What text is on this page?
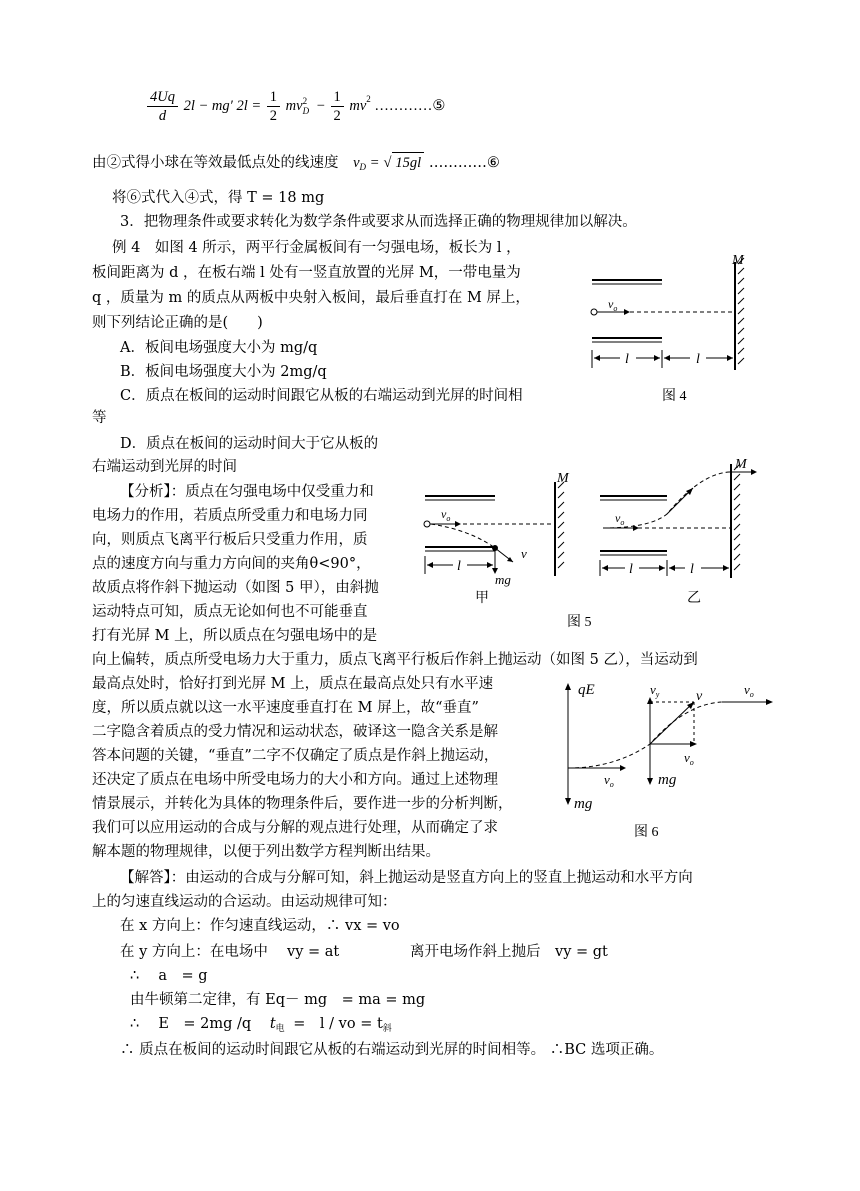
$\frac{4Uq}{d} 2l - mg'$ $2l = \frac{1}{2}$ mv 2
$_D - \frac{1}{2} mv^2$ …………⑤
由②式得小球在等效最低点处的线速度 $v_D$ = √ 15gl …………⑥
将⑥式代入④式，得 T = 18 mg
3．把物理条件或要求转化为数学条件或要求从而选择正确的物理规律加以解决。
例 4　如图 4 所示，两平行金属板间有一匀强电场，板长为 l ，
板间距离为 d ，在板右端 l 处有一竖直放置的光屏 M，一带电量为
q ，质量为 m 的质点从两板中央射入板间，最后垂直打在 M 屏上，
则下列结论正确的是(　　)
A．板间电场强度大小为 mg/q
B．板间电场强度大小为 2mg/q
C．质点在板间的运动时间跟它从板的右端运动到光屏的时间相
等
D．质点在板间的运动时间大于它从板的
右端运动到光屏的时间
【分析】：质点在匀强电场中仅受重力和
电场力的作用，若质点所受重力和电场力同
向，则质点飞离平行板后只受重力作用，质
点的速度方向与重力方向间的夹角θ<90°，
故质点将作斜下抛运动（如图 5 甲），由斜抛
运动特点可知，质点无论如何也不可能垂直
打有光屏 M 上，所以质点在匀强电场中的是
向上偏转，质点所受电场力大于重力，质点飞离平行板后作斜上抛运动（如图 5 乙），当运动到
最高点处时，恰好打到光屏 M 上，质点在最高点处只有水平速
度，所以质点就以这一水平速度垂直打在 M 屏上，故“垂直”
二字隐含着质点的受力情况和运动状态，破译这一隐含关系是解
答本问题的关键，“垂直”二字不仅确定了质点是作斜上抛运动，
还决定了质点在电场中所受电场力的大小和方向。通过上述物理
情景展示，并转化为具体的物理条件后，要作进一步的分析判断，
我们可以应用运动的合成与分解的观点进行处理，从而确定了求
解本题的物理规律，以便于列出数学方程判断出结果。
【解答】：由运动的合成与分解可知，斜上抛运动是竖直方向上的竖直上抛运动和水平方向
上的匀速直线运动的合运动。由运动规律可知：
在 x 方向上：作匀速直线运动，∴ vx = vo
在 y 方向上：在电场中　 vy = at	离开电场作斜上抛后　vy = gt
∴　 a　= g
由牛顿第二定律，有 Eq－ mg　= ma = mg
∴　 E　= 2mg /q $t_电$ =　l / vo = $t_斜$
∴ 质点在板间的运动时间跟它从板的右端运动到光屏的时间相等。 ∴BC 选项正确。
M
$v_o$
l	l
图 4
M
$v_o$
v
mg
l
甲
M
$v_o$
l	l
乙
图 5
qE
mg
mg
$v_y$	v	$v_o$
$v_o$
$v_o$
图 6
